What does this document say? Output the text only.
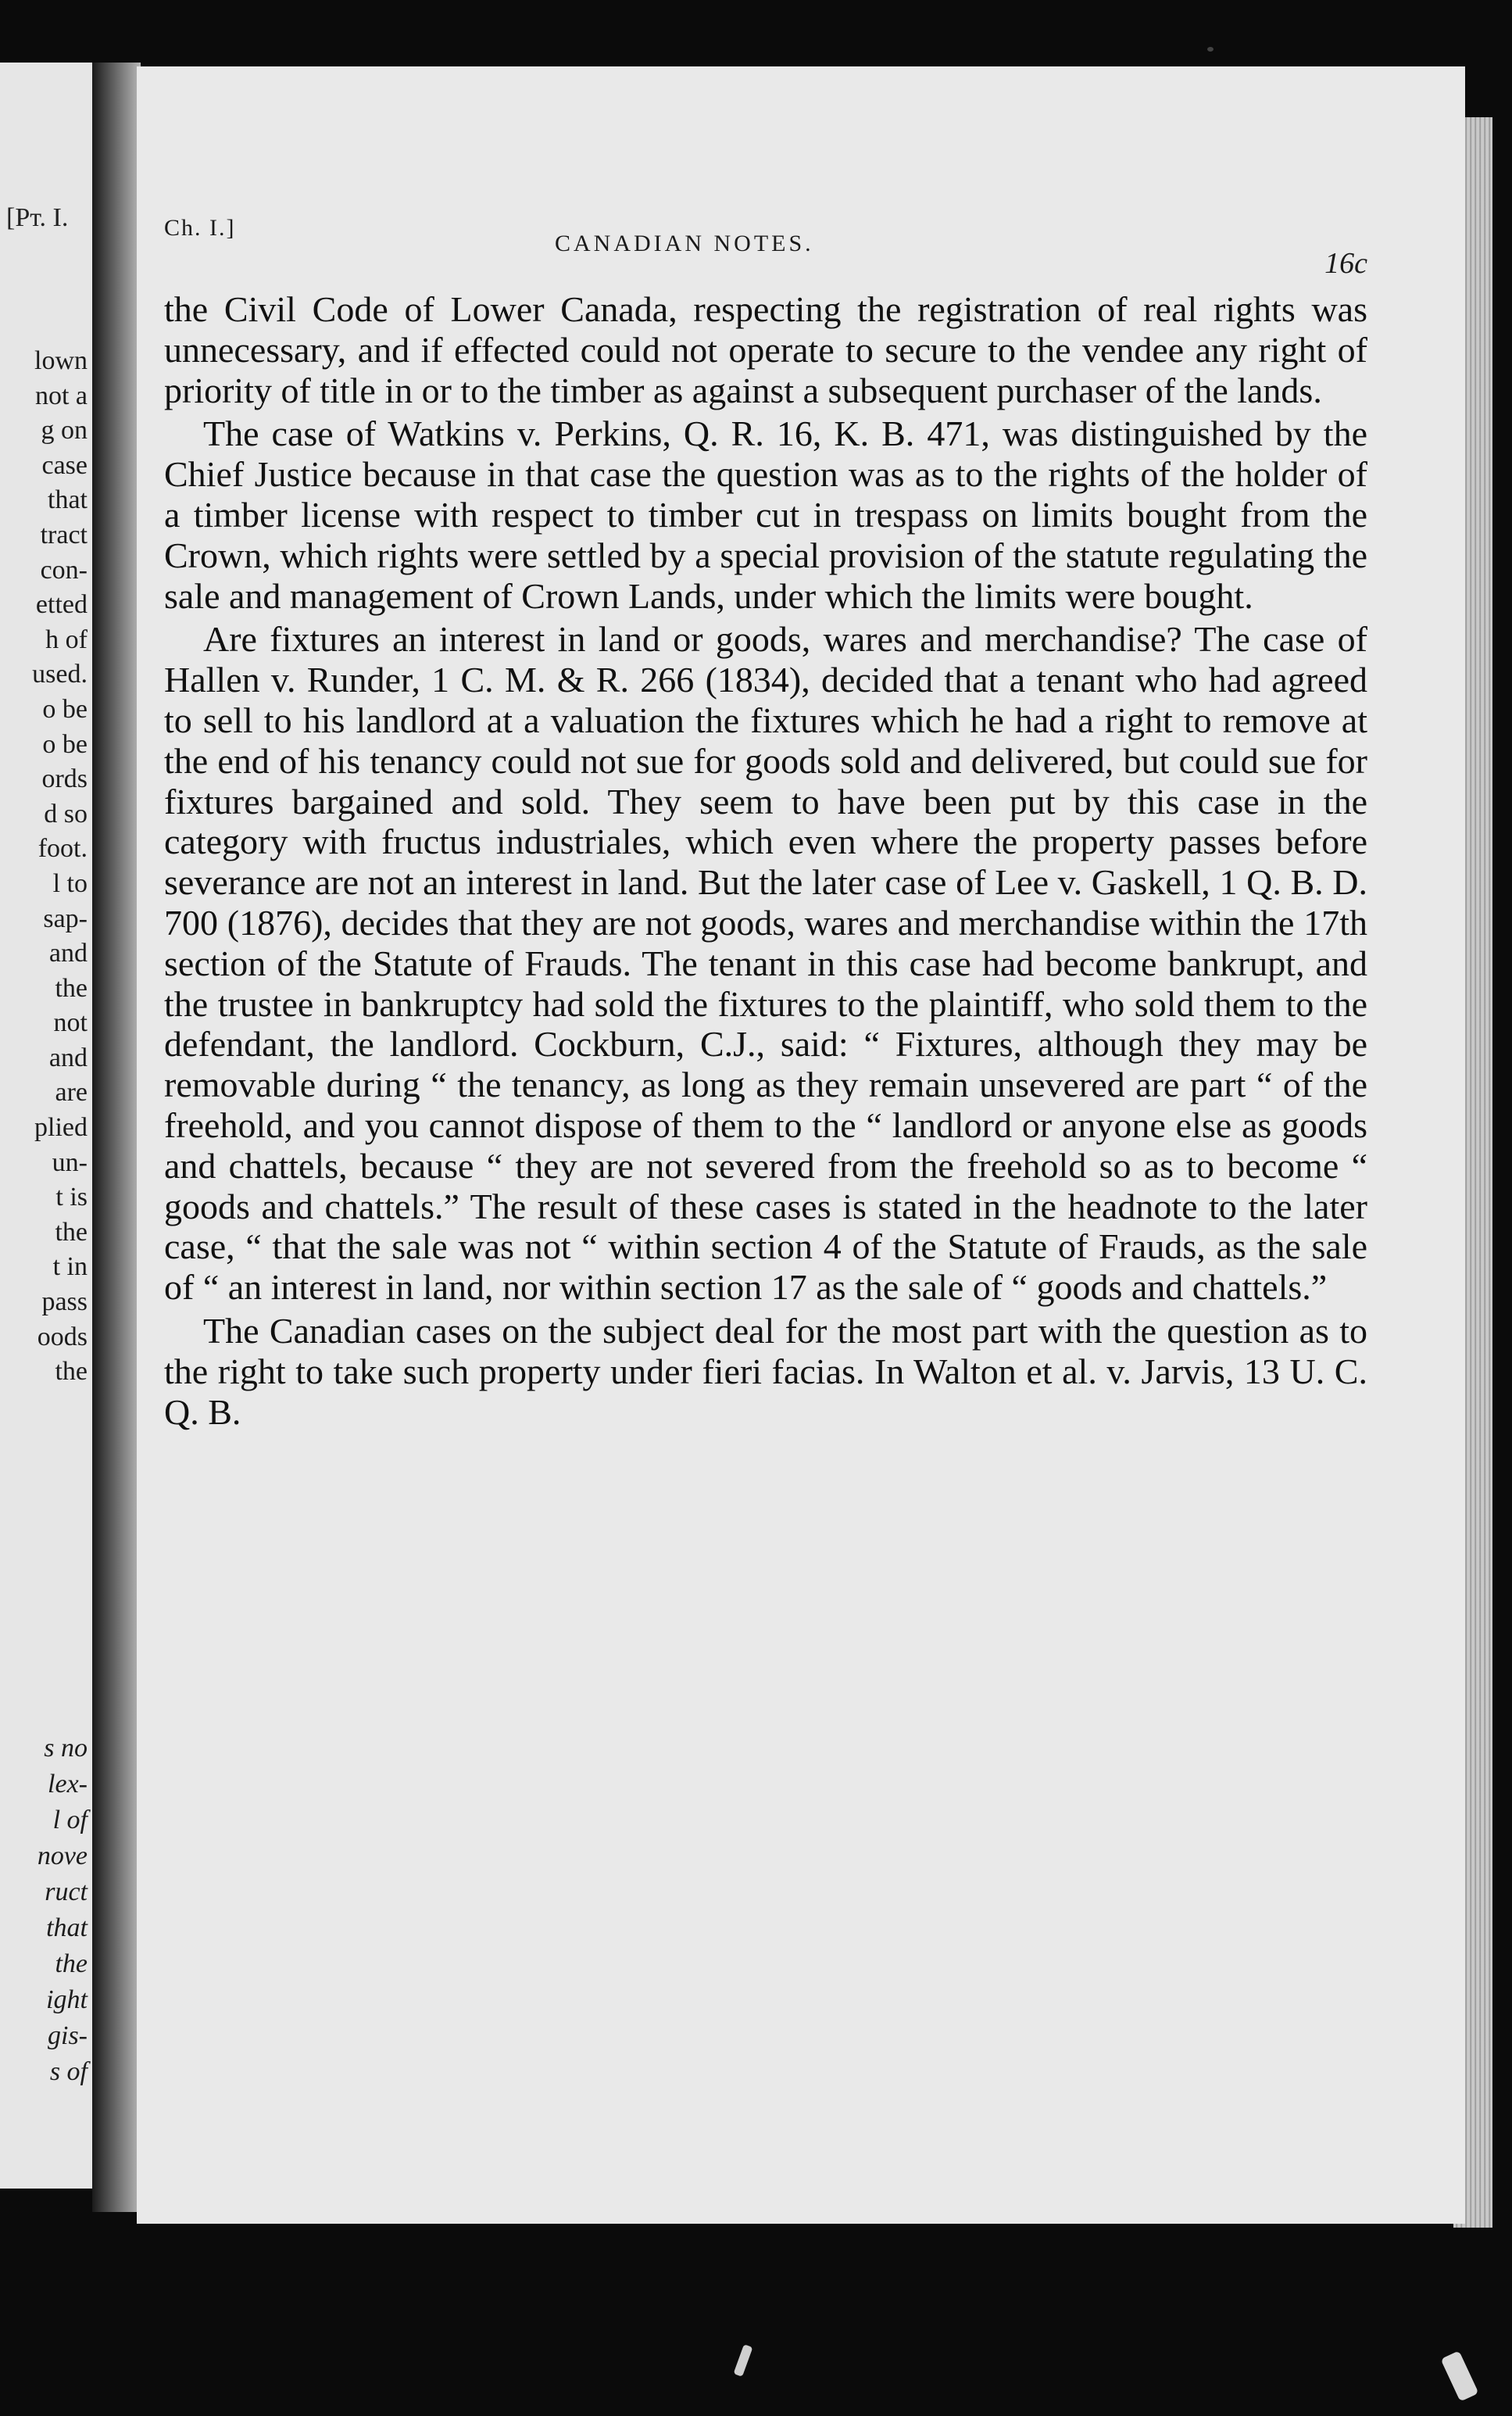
[Pт. I.
lown
not a
g on
case
that
tract
con-
etted
h of
used.
o be
o be
ords
d so
foot.
l to
sap-
and
the
not
and
are
plied
un-
t is
the
t in
pass
oods
the
s no
lex-
l of
nove
ruct
that
the
ight
gis-
s of
Ch. I.]
CANADIAN NOTES.
16c

the Civil Code of Lower Canada, respecting the registration of real rights was unnecessary, and if effected could not operate to secure to the vendee any right of priority of title in or to the timber as against a subsequent purchaser of the lands.

The case of Watkins v. Perkins, Q. R. 16, K. B. 471, was distinguished by the Chief Justice because in that case the question was as to the rights of the holder of a timber license with respect to timber cut in trespass on limits bought from the Crown, which rights were settled by a special provision of the statute regulating the sale and management of Crown Lands, under which the limits were bought.

Are fixtures an interest in land or goods, wares and merchandise? The case of Hallen v. Runder, 1 C. M. & R. 266 (1834), decided that a tenant who had agreed to sell to his landlord at a valuation the fixtures which he had a right to remove at the end of his tenancy could not sue for goods sold and delivered, but could sue for fixtures bargained and sold. They seem to have been put by this case in the category with fructus industriales, which even where the property passes before severance are not an interest in land. But the later case of Lee v. Gaskell, 1 Q. B. D. 700 (1876), decides that they are not goods, wares and merchandise within the 17th section of the Statute of Frauds. The tenant in this case had become bankrupt, and the trustee in bankruptcy had sold the fixtures to the plaintiff, who sold them to the defendant, the landlord. Cockburn, C.J., said: “ Fixtures, although they may be removable during “ the tenancy, as long as they remain unsevered are part “ of the freehold, and you cannot dispose of them to the “ landlord or anyone else as goods and chattels, because “ they are not severed from the freehold so as to become “ goods and chattels.” The result of these cases is stated in the headnote to the later case, “ that the sale was not “ within section 4 of the Statute of Frauds, as the sale of “ an interest in land, nor within section 17 as the sale of “ goods and chattels.”

The Canadian cases on the subject deal for the most part with the question as to the right to take such property under fieri facias. In Walton et al. v. Jarvis, 13 U. C. Q. B.
